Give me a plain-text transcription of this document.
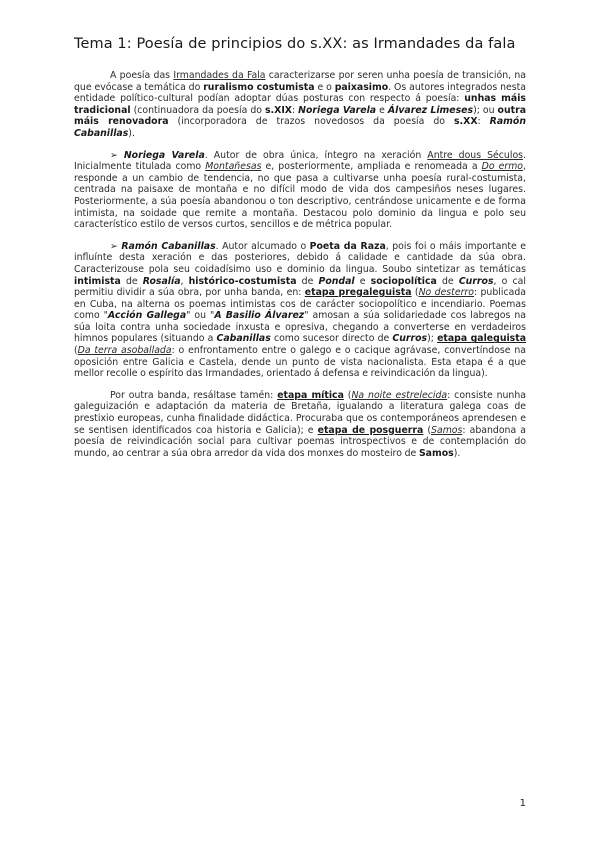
Tema 1: Poesía de principios do s.XX: as Irmandades da fala

A poesía das Irmandades da Fala caracterizarse por seren unha poesía de transición, na que evócase a temática do ruralismo costumista e o paixasimo. Os autores integrados nesta entidade político-cultural podían adoptar dúas posturas con respecto á poesía: unhas máis tradicional (continuadora da poesía do s.XIX: Noriega Varela e Álvarez Limeses); ou outra máis renovadora (incorporadora de trazos novedosos da poesía do s.XX: Ramón Cabanillas).

➢ Noriega Varela. Autor de obra única, íntegro na xeración Antre dous Séculos. Inicialmente titulada como Montañesas e, posteriormente, ampliada e renomeada a Do ermo, responde a un cambio de tendencia, no que pasa a cultivarse unha poesía rural-costumista, centrada na paisaxe de montaña e no difícil modo de vida dos campesiños neses lugares. Posteriormente, a súa poesía abandonou o ton descriptivo, centrándose unicamente e de forma intimista, na soidade que remite a montaña. Destacou polo dominio da lingua e polo seu característico estilo de versos curtos, sencillos e de métrica popular.

➢ Ramón Cabanillas. Autor alcumado o Poeta da Raza, pois foi o máis importante e influínte desta xeración e das posteriores, debido á calidade e cantidade da súa obra. Caracterizouse pola seu coidadísimo uso e dominio da lingua. Soubo sintetizar as temáticas intimista de Rosalía, histórico-costumista de Pondal e sociopolítica de Curros, o cal permitiu dividir a súa obra, por unha banda, en: etapa pregaleguista (No desterro: publicada en Cuba, na alterna os poemas intimistas cos de carácter sociopolítico e incendiario. Poemas como "Acción Gallega" ou "A Basilio Álvarez" amosan a súa solidariedade cos labregos na súa loita contra unha sociedade inxusta e opresiva, chegando a converterse en verdadeiros himnos populares (situando a Cabanillas como sucesor directo de Curros); etapa galeguista (Da terra asoballada: o enfrontamento entre o galego e o cacique agrávase, convertíndose na oposición entre Galicia e Castela, dende un punto de vista nacionalista. Esta etapa é a que mellor recolle o espírito das Irmandades, orientado á defensa e reivindicación da lingua).

Por outra banda, resáltase tamén: etapa mítica (Na noite estrelecida: consiste nunha galeguización e adaptación da materia de Bretaña, igualando a literatura galega coas de prestixio europeas, cunha finalidade didáctica. Procuraba que os contemporáneos aprendesen e se sentisen identificados coa historia e Galicia); e etapa de posguerra (Samos: abandona a poesía de reivindicación social para cultivar poemas introspectivos e de contemplación do mundo, ao centrar a súa obra arredor da vida dos monxes do mosteiro de Samos).

1
